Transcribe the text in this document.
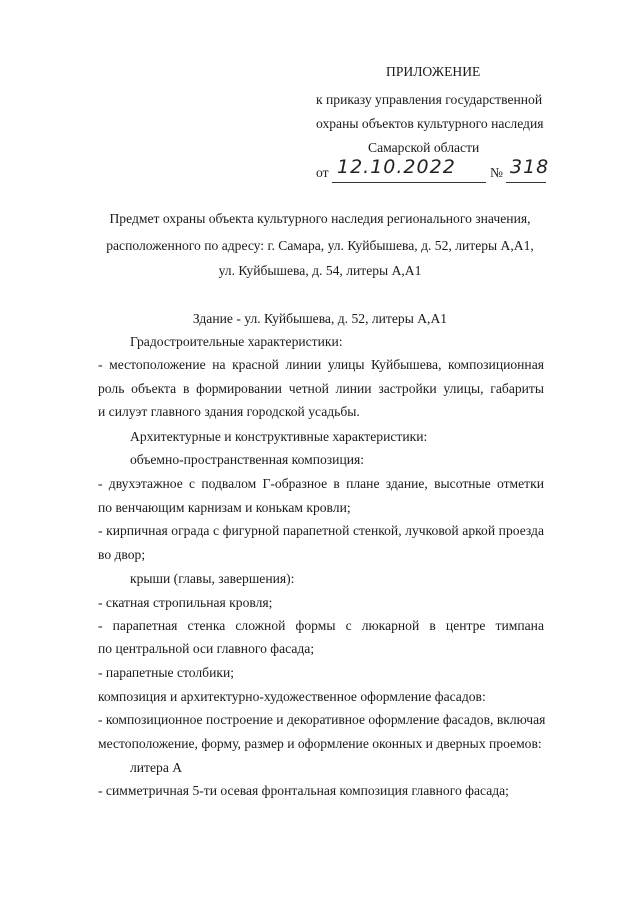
ПРИЛОЖЕНИЕ
к приказу управления государственной
охраны объектов культурного наследия
Самарской области
от 12.10.2022	№ 318
Предмет охраны объекта культурного наследия регионального значения,
расположенного по адресу: г. Самара, ул. Куйбышева, д. 52, литеры А,А1,
ул. Куйбышева, д. 54, литеры А,А1
Здание - ул. Куйбышева, д. 52, литеры А,А1
Градостроительные характеристики:
- местоположение на красной линии улицы Куйбышева, композиционная
роль объекта в формировании четной линии застройки улицы, габариты
и силуэт главного здания городской усадьбы.
Архитектурные и конструктивные характеристики:
объемно-пространственная композиция:
- двухэтажное с подвалом Г-образное в плане здание, высотные отметки
по венчающим карнизам и конькам кровли;
- кирпичная ограда с фигурной парапетной стенкой, лучковой аркой проезда
во двор;
крыши (главы, завершения):
- скатная стропильная кровля;
- парапетная стенка сложной формы с люкарной в центре тимпана
по центральной оси главного фасада;
- парапетные столбики;
композиция и архитектурно-художественное оформление фасадов:
- композиционное построение и декоративное оформление фасадов, включая
местоположение, форму, размер и оформление оконных и дверных проемов:
литера А
- симметричная 5-ти осевая фронтальная композиция главного фасада;
